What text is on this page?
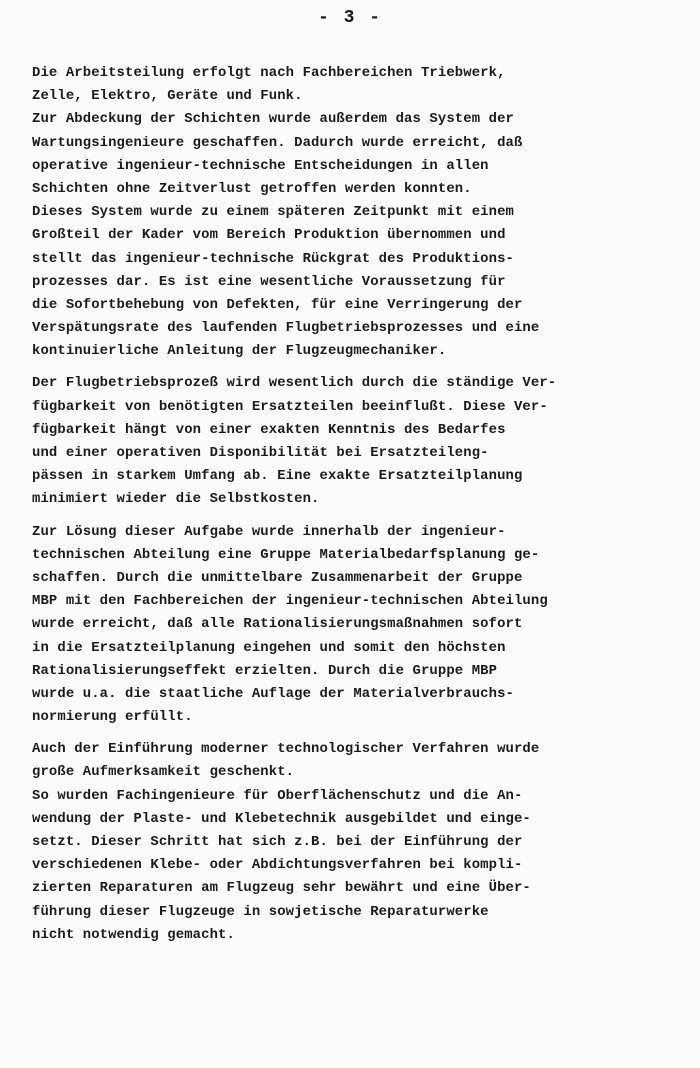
- 3 -
Die Arbeitsteilung erfolgt nach Fachbereichen Triebwerk,
Zelle, Elektro, Geräte und Funk.
Zur Abdeckung der Schichten wurde außerdem das System der
Wartungsingenieure geschaffen. Dadurch wurde erreicht, daß
operative ingenieur-technische Entscheidungen in allen
Schichten ohne Zeitverlust getroffen werden konnten.
Dieses System wurde zu einem späteren Zeitpunkt mit einem
Großteil der Kader vom Bereich Produktion übernommen und
stellt das ingenieur-technische Rückgrat des Produktions-
prozesses dar. Es ist eine wesentliche Voraussetzung für
die Sofortbehebung von Defekten, für eine Verringerung der
Verspätungsrate des laufenden Flugbetriebsprozesses und eine
kontinuierliche Anleitung der Flugzeugmechaniker.
Der Flugbetriebsprozeß wird wesentlich durch die ständige Ver-
fügbarkeit von benötigten Ersatzteilen beeinflußt. Diese Ver-
fügbarkeit hängt von einer exakten Kenntnis des Bedarfes
und einer operativen Disponibilität bei Ersatzteileng-
pässen in starkem Umfang ab. Eine exakte Ersatzteilplanung
minimiert wieder die Selbstkosten.
Zur Lösung dieser Aufgabe wurde innerhalb der ingenieur-
technischen Abteilung eine Gruppe Materialbedarfsplanung ge-
schaffen. Durch die unmittelbare Zusammenarbeit der Gruppe
MBP mit den Fachbereichen der ingenieur-technischen Abteilung
wurde erreicht, daß alle Rationalisierungsmaßnahmen sofort
in die Ersatzteilplanung eingehen und somit den höchsten
Rationalisierungseffekt erzielten. Durch die Gruppe MBP
wurde u.a. die staatliche Auflage der Materialverbrauchs-
normierung erfüllt.
Auch der Einführung moderner technologischer Verfahren wurde
große Aufmerksamkeit geschenkt.
So wurden Fachingenieure für Oberflächenschutz und die An-
wendung der Plaste- und Klebetechnik ausgebildet und einge-
setzt. Dieser Schritt hat sich z.B. bei der Einführung der
verschiedenen Klebe- oder Abdichtungsverfahren bei kompli-
zierten Reparaturen am Flugzeug sehr bewährt und eine Über-
führung dieser Flugzeuge in sowjetische Reparaturwerke
nicht notwendig gemacht.
